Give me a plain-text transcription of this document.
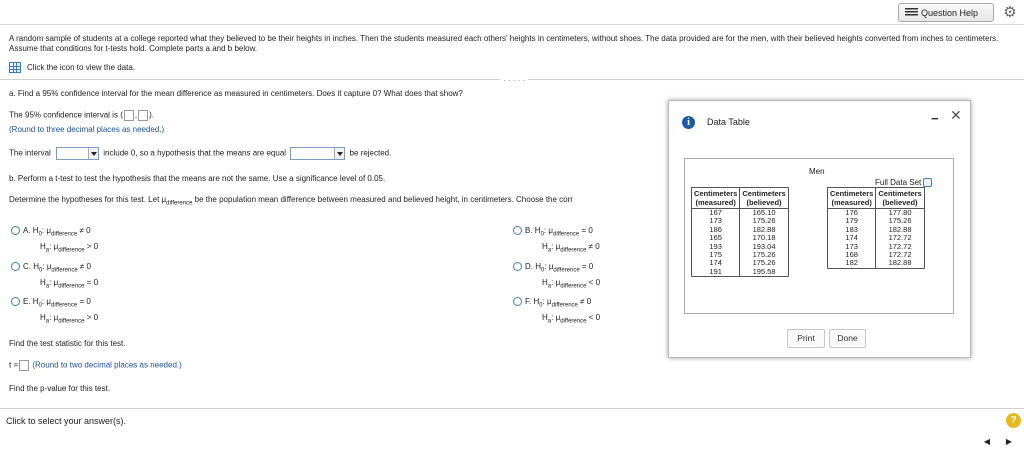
Question Help ⚙
A random sample of students at a college reported what they believed to be their heights in inches. Then the students measured each others' heights in centimeters, without shoes. The data provided are for the men, with their believed heights converted from inches to centimeters. Assume that conditions for t-tests hold. Complete parts a and b below.
Click the icon to view the data.
· · · · ·
a. Find a 95% confidence interval for the mean difference as measured in centimeters. Does it capture 0? What does that show?
The 95% confidence interval is ( , ).
(Round to three decimal places as needed.)
The interval	include 0, so a hypothesis that the means are equal	be rejected.
b. Perform a t-test to test the hypothesis that the means are not the same. Use a significance level of 0.05.
Determine the hypotheses for this test. Let $\mu_{difference}$ be the population mean difference between measured and believed height, in centimeters. Choose the corr
A. $H_0$: $\mu_{difference} \ne 0$
$H_a$: $\mu_{difference} > 0$
B. $H_0$: $\mu_{difference} = 0$
$H_a$: $\mu_{difference} \ne 0$
C. $H_0$: $\mu_{difference} \ne 0$
$H_a$: $\mu_{difference} = 0$
D. $H_0$: $\mu_{difference} = 0$
$H_a$: $\mu_{difference} < 0$
E. $H_0$: $\mu_{difference} = 0$
$H_a$: $\mu_{difference} > 0$
F. $H_0$: $\mu_{difference} \ne 0$
$H_a$: $\mu_{difference} < 0$
Find the test statistic for this test.
t = (Round to two decimal places as needed.)
Find the p-value for this test.
Click to select your answer(s).	?
◀	▶
i	Data Table	− ✕
Men
Full Data Set
Centimeters
(measured)	Centimeters
(believed)
167	165.10
173	175.26
186	182.88
165	170.18
193	193.04
175	175.26
174	175.26
191	195.58
Centimeters
(measured)	Centimeters
(believed)
176	177.80
179	175.26
183	182.88
174	172.72
173	172.72
168	172.72
182	182.88
Print	Done
